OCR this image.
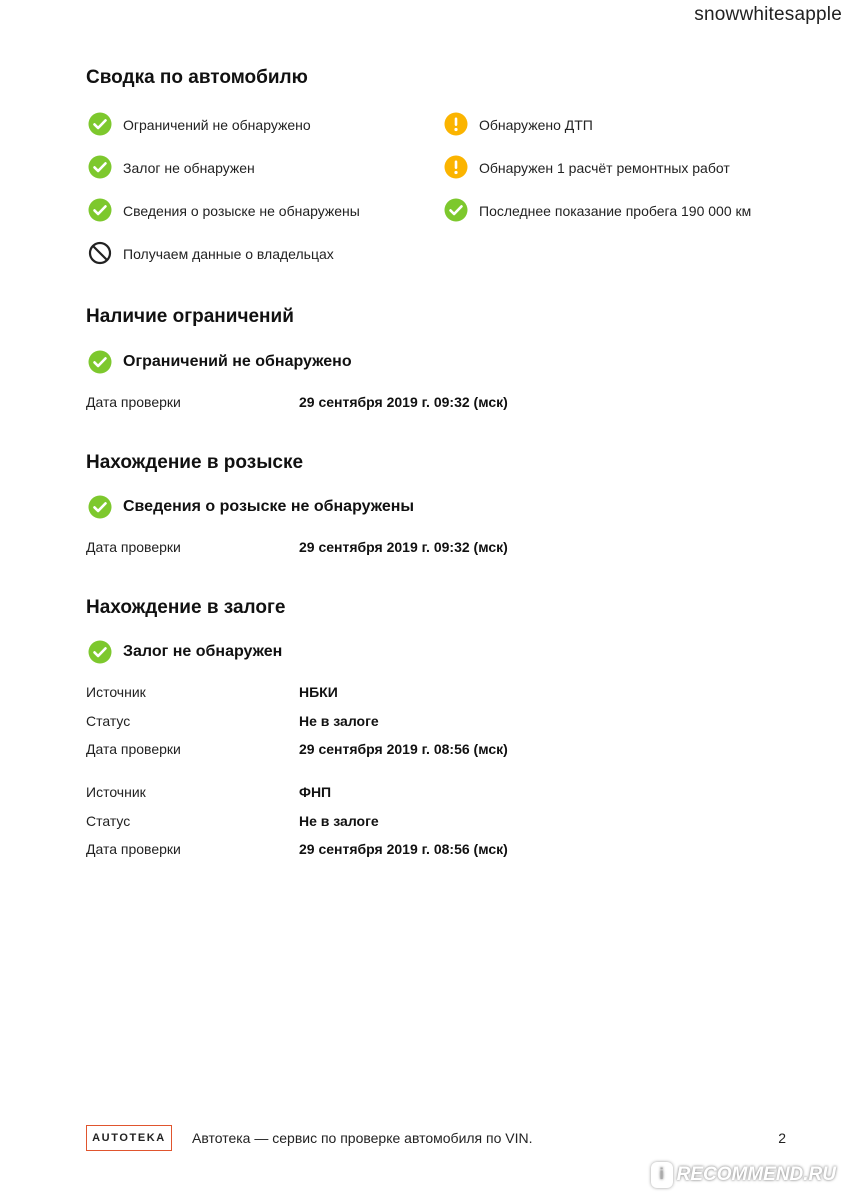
snowwhitesapple
Сводка по автомобилю
Ограничений не обнаружено
Залог не обнаружен
Сведения о розыске не обнаружены
Получаем данные о владельцах
Обнаружено ДТП
Обнаружен 1 расчёт ремонтных работ
Последнее показание пробега 190 000 км
Наличие ограничений
Ограничений не обнаружено
Дата проверки	29 сентября 2019 г. 09:32 (мск)
Нахождение в розыске
Сведения о розыске не обнаружены
Дата проверки	29 сентября 2019 г. 09:32 (мск)
Нахождение в залоге
Залог не обнаружен
Источник	НБКИ
Статус	Не в залоге
Дата проверки	29 сентября 2019 г. 08:56 (мск)
Источник	ФНП
Статус	Не в залоге
Дата проверки	29 сентября 2019 г. 08:56 (мск)
AUTOTEKA	Автотека — сервис по проверке автомобиля по VIN.	2
i RECOMMEND.RU
